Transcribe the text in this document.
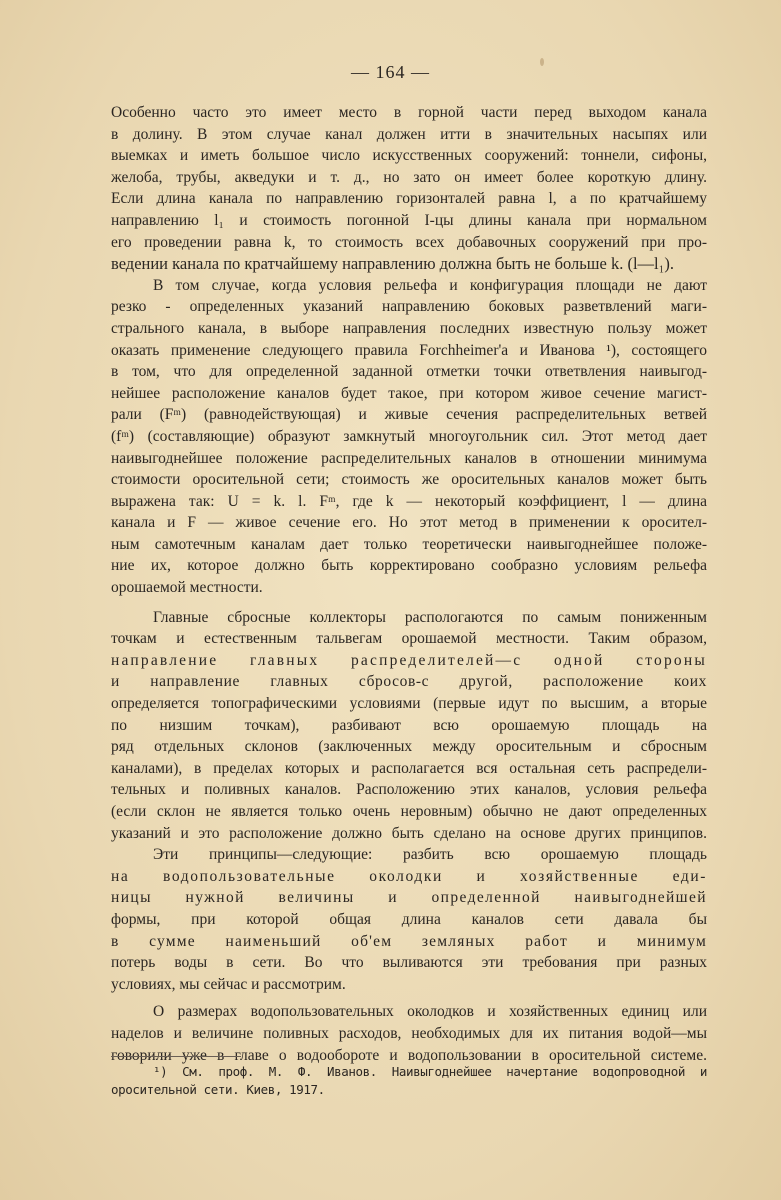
— 164 —

Особенно часто это имеет место в горной части перед выходом канала
в долину. В этом случае канал должен итти в значительных насыпях или
выемках и иметь большое число искусственных сооружений: тоннели, сифоны,
желоба, трубы, акведуки и т. д., но зато он имеет более короткую длину.
Если длина канала по направлению горизонталей равна l, а по кратчайшему
направлению l₁ и стоимость погонной I-цы длины канала при нормальном
его проведении равна k, то стоимость всех добавочных сооружений при про-
ведении канала по кратчайшему направлению должна быть не больше k. (l—l₁).

В том случае, когда условия рельефа и конфигурация площади не дают
резко - определенных указаний направлению боковых разветвлений маги-
стрального канала, в выборе направления последних известную пользу может
оказать применение следующего правила Forchheimer'а и Иванова ¹), состоящего
в том, что для определенной заданной отметки точки ответвления наивыгод-
нейшее расположение каналов будет такое, при котором живое сечение магист-
рали (Fᵐ) (равнодействующая) и живые сечения распределительных ветвей
(fᵐ) (составляющие) образуют замкнутый многоугольник сил. Этот метод дает
наивыгоднейшее положение распределительных каналов в отношении минимума
стоимости оросительной сети; стоимость же оросительных каналов может быть
выражена так: U = k. l. Fᵐ, где k — некоторый коэффициент, l — длина
канала и F — живое сечение его. Но этот метод в применении к оросител-
ным самотечным каналам дает только теоретически наивыгоднейшее положе-
ние их, которое должно быть корректировано сообразно условиям рельефа
орошаемой местности.

Главные сбросные коллекторы распологаются по самым пониженным
точкам и естественным тальвегам орошаемой местности. Таким образом,
направление главных распределителей—с одной стороны
и направление главных сбросов-с другой, расположение коих
определяется топографическими условиями (первые идут по высшим, а вторые
по низшим точкам), разбивают всю орошаемую площадь на
ряд отдельных склонов (заключенных между оросительным и сбросным
каналами), в пределах которых и располагается вся остальная сеть распредели-
тельных и поливных каналов. Расположению этих каналов, условия рельефа
(если склон не является только очень неровным) обычно не дают определенных
указаний и это расположение должно быть сделано на основе других принципов.

Эти принципы—следующие: разбить всю орошаемую площадь
на водопользовательные околодки и хозяйственные еди-
ницы нужной величины и определенной наивыгоднейшей
формы, при которой общая длина каналов сети давала бы
в сумме наименьший об'ем земляных работ и минимум
потерь воды в сети. Во что выливаются эти требования при разных
условиях, мы сейчас и рассмотрим.

О размерах водопользовательных околодков и хозяйственных единиц или
наделов и величине поливных расходов, необходимых для их питания водой—мы
говорили уже в главе о водообороте и водопользовании в оросительной системе.

¹) См. проф. М. Ф. Иванов. Наивыгоднейшее начертание водопроводной и
оросительной сети. Киев, 1917.
